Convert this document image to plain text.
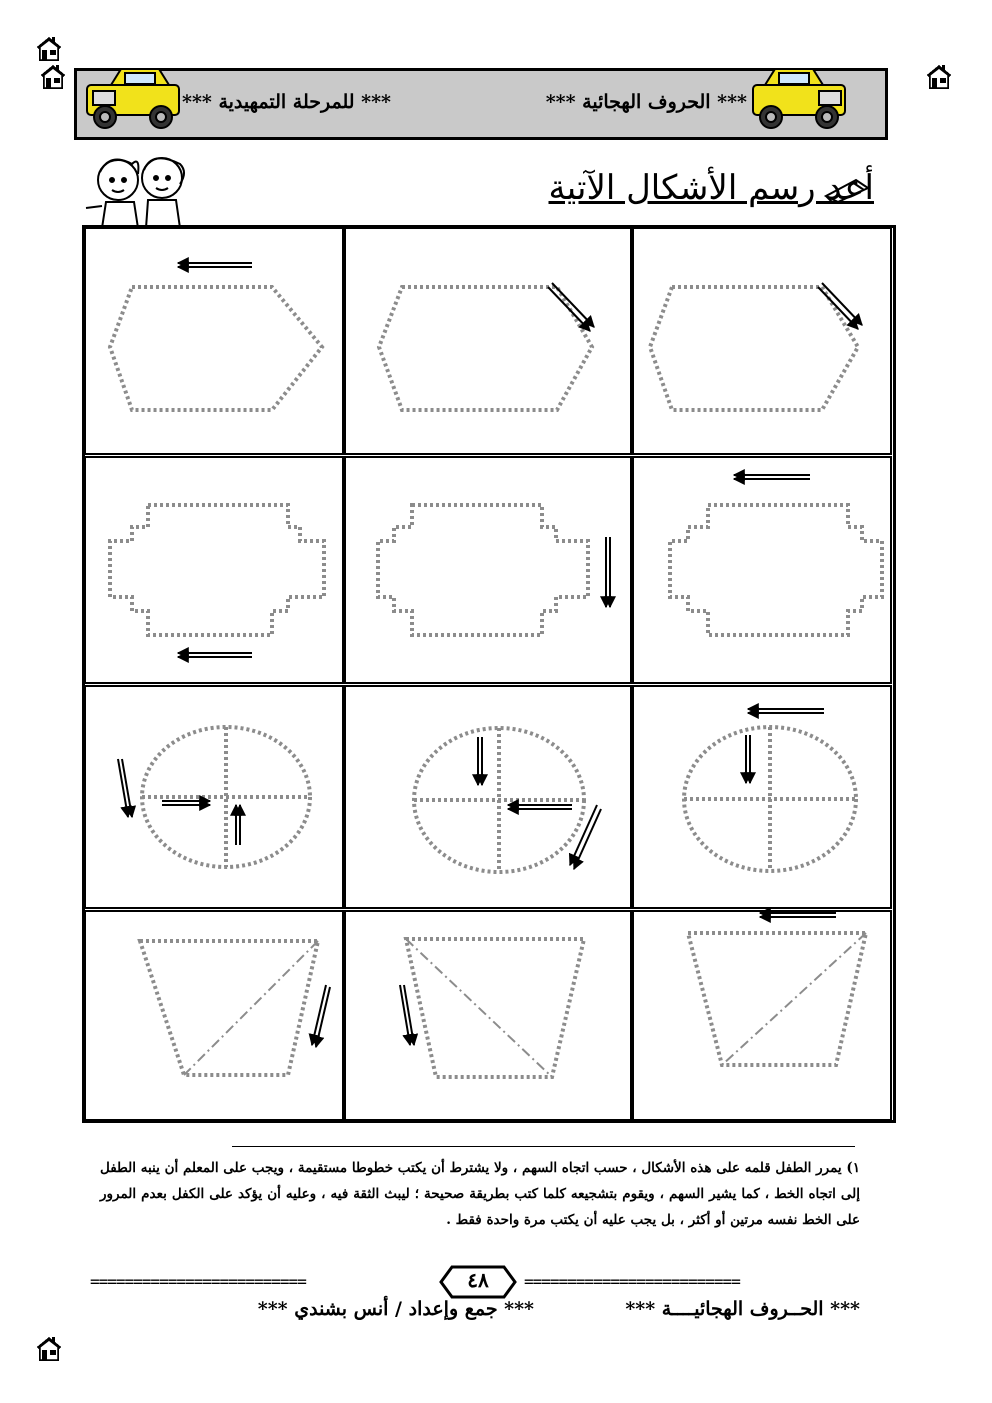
*** الحروف الهجائية ***
*** للمرحلة التمهيدية ***
أعد رسم الأشكال الآتية
١) يمرر الطفل قلمه على هذه الأشكال ، حسب اتجاه السهم ، ولا يشترط أن يكتب خطوطا مستقيمة ، ويجب على المعلم أن ينبه الطفل إلى اتجاه الخط ، كما يشير السهم ، ويقوم بتشجيعه كلما كتب بطريقة صحيحة ؛ ليبث الثقة فيه ، وعليه أن يؤكد على الكفل بعدم المرور على الخط نفسه مرتين أو أكثر ، بل يجب عليه أن يكتب مرة واحدة فقط .
=========================	=========================
٤٨
*** الحــروف الهجائيــــة ***
*** جمع وإعداد / أنس بشندي ***
